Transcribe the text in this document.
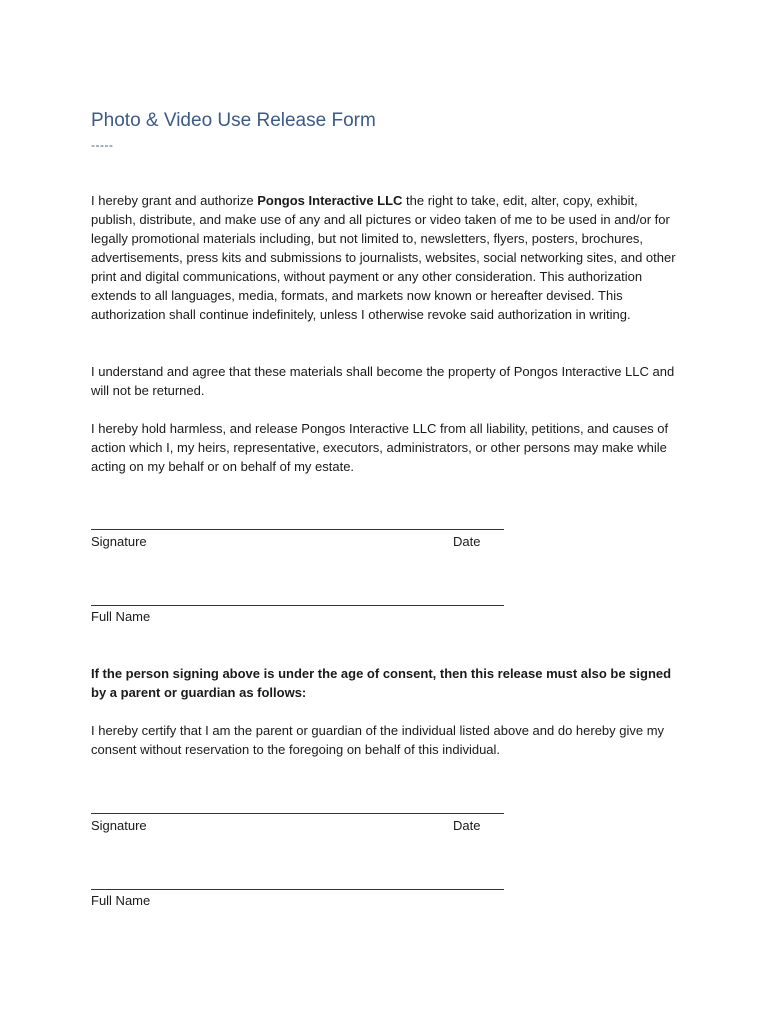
Photo & Video Use Release Form
-----

I hereby grant and authorize Pongos Interactive LLC the right to take, edit, alter, copy, exhibit, publish, distribute, and make use of any and all pictures or video taken of me to be used in and/or for legally promotional materials including, but not limited to, newsletters, flyers, posters, brochures, advertisements, press kits and submissions to journalists, websites, social networking sites, and other print and digital communications, without payment or any other consideration. This authorization extends to all languages, media, formats, and markets now known or hereafter devised. This authorization shall continue indefinitely, unless I otherwise revoke said authorization in writing.

I understand and agree that these materials shall become the property of Pongos Interactive LLC and will not be returned.

I hereby hold harmless, and release Pongos Interactive LLC from all liability, petitions, and causes of action which I, my heirs, representative, executors, administrators, or other persons may make while acting on my behalf or on behalf of my estate.

Signature	Date
Full Name

If the person signing above is under the age of consent, then this release must also be signed by a parent or guardian as follows:

I hereby certify that I am the parent or guardian of the individual listed above and do hereby give my consent without reservation to the foregoing on behalf of this individual.

Signature	Date
Full Name
